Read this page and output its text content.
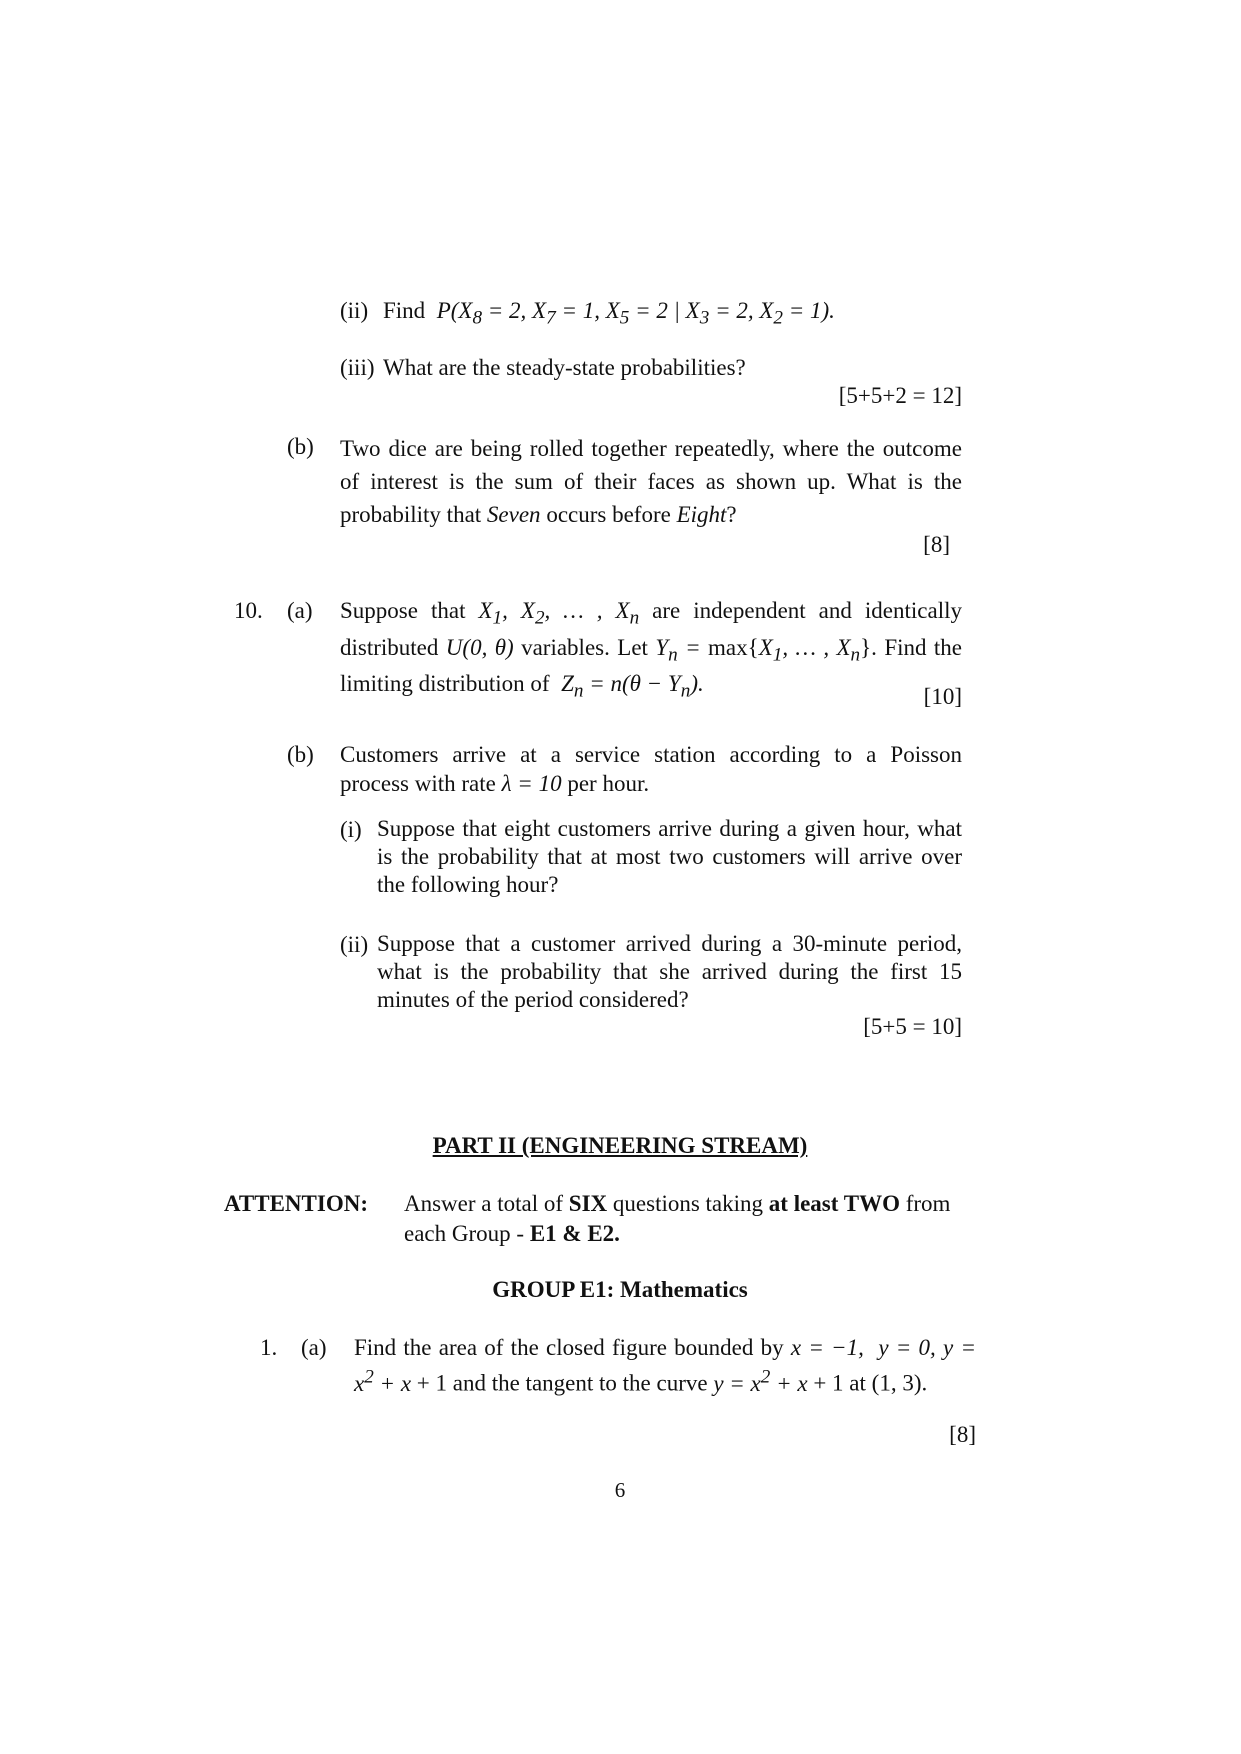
(ii) Find $P(X_8 = 2$, $X_7 = 1$, $X_5 = 2$ | $X_3 = 2$, $X_2 = 1$).
(iii) What are the steady-state probabilities?
[5+5+2 = 12]
(b) Two dice are being rolled together repeatedly, where the outcome of interest is the sum of their faces as shown up. What is the probability that Seven occurs before Eight?
[8]
10. (a) Suppose that $X_1$, $X_2$, … , $X_n$ are independent and identically distributed U(0, θ) variables. Let $Y_n = \max\{X_1$, … , $X_n$}. Find the limiting distribution of $Z_n = n(\theta - Y_n)$.
[10]
(b) Customers arrive at a service station according to a Poisson process with rate λ = 10 per hour.
(i) Suppose that eight customers arrive during a given hour, what is the probability that at most two customers will arrive over the following hour?
(ii) Suppose that a customer arrived during a 30-minute period, what is the probability that she arrived during the first 15 minutes of the period considered?
[5+5 = 10]
PART II (ENGINEERING STREAM)
ATTENTION: Answer a total of SIX questions taking at least TWO from each Group - E1 & E2.
GROUP E1: Mathematics
1. (a) Find the area of the closed figure bounded by x = −1,  y = 0, $y = x^2 + x + 1$ and the tangent to the curve $y = x^2 + x + 1$ at (1, 3).
[8]
6
